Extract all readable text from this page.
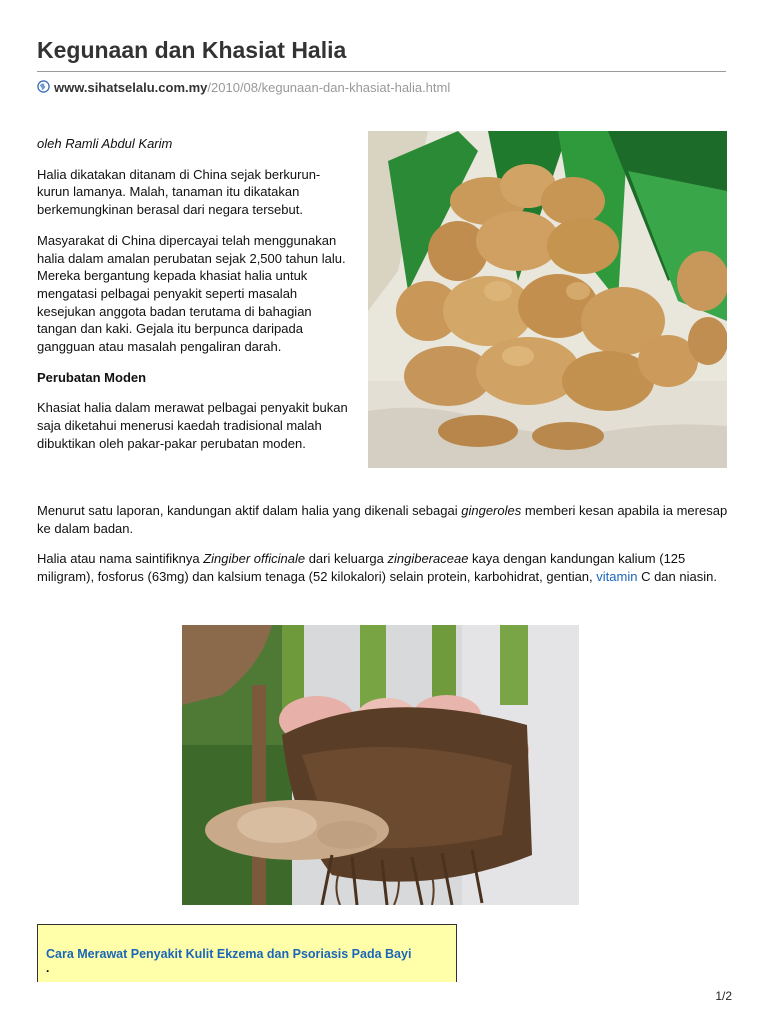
Kegunaan dan Khasiat Halia
www.sihatselalu.com.my/2010/08/kegunaan-dan-khasiat-halia.html

oleh Ramli Abdul Karim

Halia dikatakan ditanam di China sejak berkurun-kurun lamanya. Malah, tanaman itu dikatakan berkemungkinan berasal dari negara tersebut.

Masyarakat di China dipercayai telah menggunakan halia dalam amalan perubatan sejak 2,500 tahun lalu. Mereka bergantung kepada khasiat halia untuk mengatasi pelbagai penyakit seperti masalah kesejukan anggota badan terutama di bahagian tangan dan kaki. Gejala itu berpunca daripada gangguan atau masalah pengaliran darah.

Perubatan Moden

Khasiat halia dalam merawat pelbagai penyakit bukan saja diketahui menerusi kaedah tradisional malah dibuktikan oleh pakar-pakar perubatan moden.

Menurut satu laporan, kandungan aktif dalam halia yang dikenali sebagai gingeroles memberi kesan apabila ia meresap ke dalam badan.

Halia atau nama saintifiknya Zingiber officinale dari keluarga zingiberaceae kaya dengan kandungan kalium (125 miligram), fosforus (63mg) dan kalsium tenaga (52 kilokalori) selain protein, karbohidrat, gentian, vitamin C dan niasin.

Cara Merawat Penyakit Kulit Ekzema dan Psoriasis Pada Bayi
.
1/2
